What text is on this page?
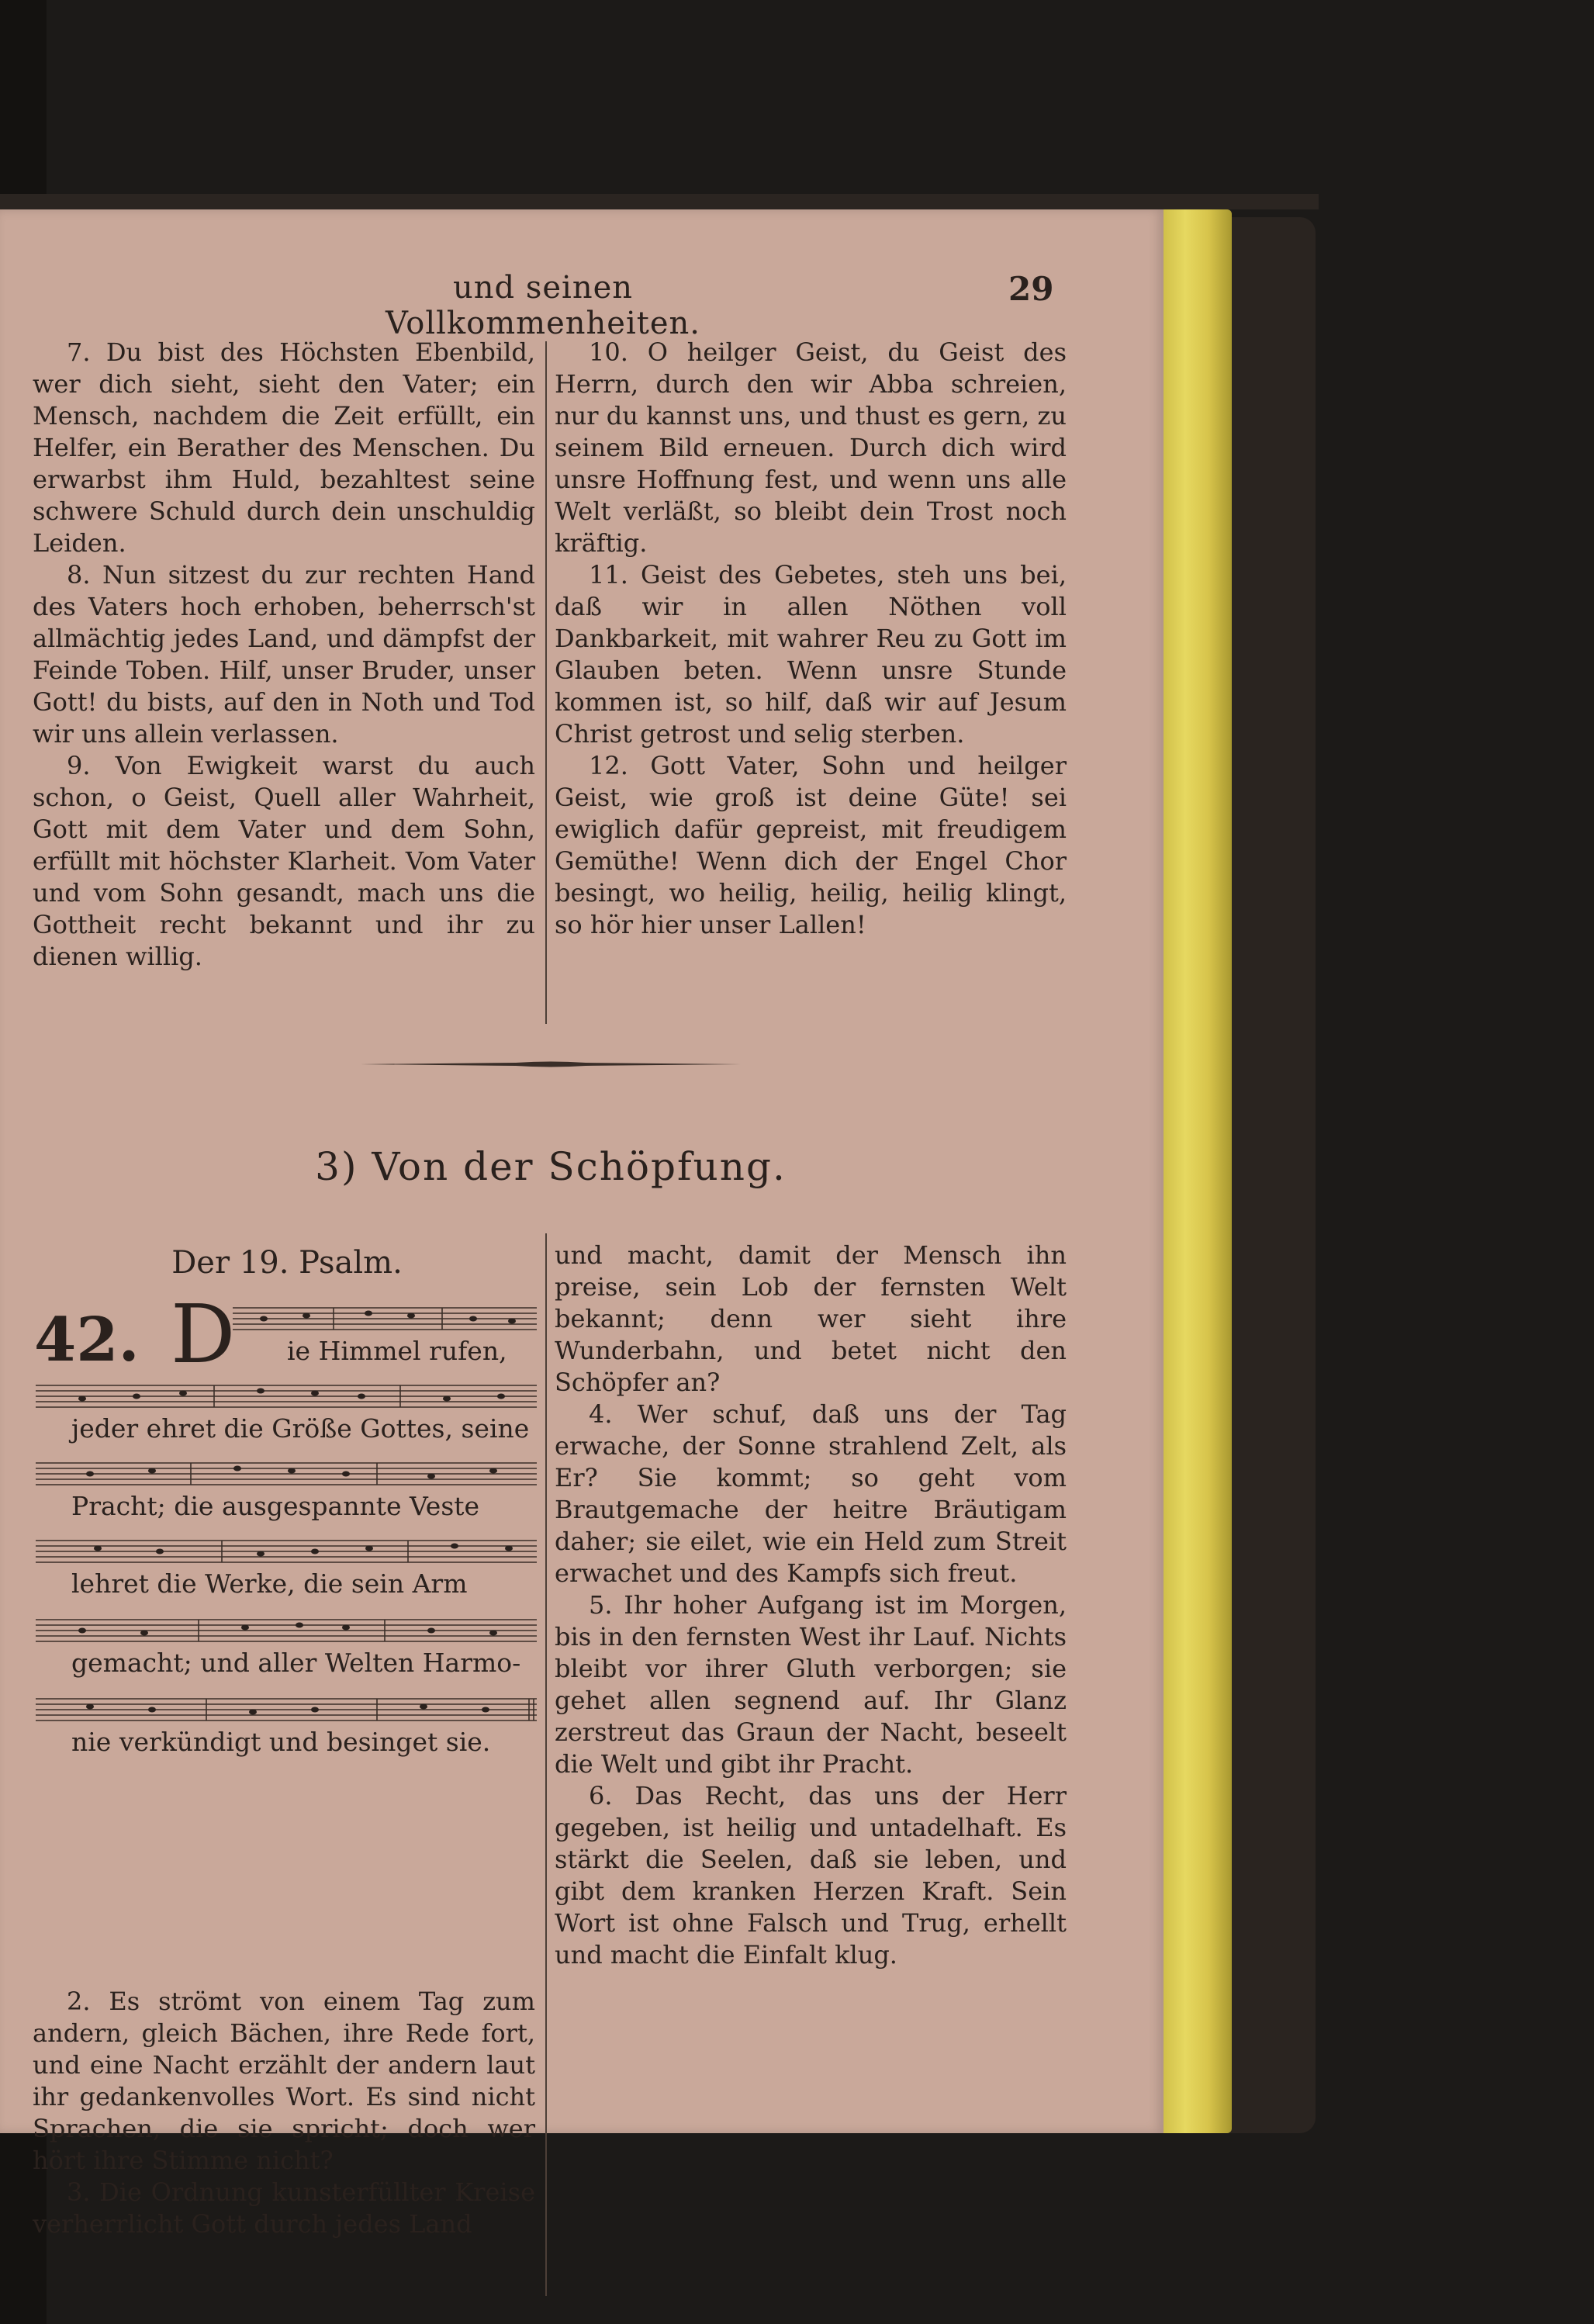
und seinen Vollkommenheiten.
29

7. Du bist des Höchsten Ebenbild, wer dich sieht, sieht den Vater; ein Mensch, nachdem die Zeit erfüllt, ein Helfer, ein Berather des Menschen. Du erwarbst ihm Huld, bezahltest seine schwere Schuld durch dein unschuldig Leiden.

8. Nun sitzest du zur rechten Hand des Vaters hoch erhoben, beherrsch'st allmächtig jedes Land, und dämpfst der Feinde Toben. Hilf, unser Bruder, unser Gott! du bists, auf den in Noth und Tod wir uns allein verlassen.

9. Von Ewigkeit warst du auch schon, o Geist, Quell aller Wahrheit, Gott mit dem Vater und dem Sohn, erfüllt mit höchster Klarheit. Vom Vater und vom Sohn gesandt, mach uns die Gottheit recht bekannt und ihr zu dienen willig.

10. O heilger Geist, du Geist des Herrn, durch den wir Abba schreien, nur du kannst uns, und thust es gern, zu seinem Bild erneuen. Durch dich wird unsre Hoffnung fest, und wenn uns alle Welt verläßt, so bleibt dein Trost noch kräftig.

11. Geist des Gebetes, steh uns bei, daß wir in allen Nöthen voll Dankbarkeit, mit wahrer Reu zu Gott im Glauben beten. Wenn unsre Stunde kommen ist, so hilf, daß wir auf Jesum Christ getrost und selig sterben.

12. Gott Vater, Sohn und heilger Geist, wie groß ist deine Güte! sei ewiglich dafür gepreist, mit freudigem Gemüthe! Wenn dich der Engel Chor besingt, wo heilig, heilig, heilig klingt, so hör hier unser Lallen!

3) Von der Schöpfung.
Der 19. Psalm.
42. D ie Himmel rufen,
jeder ehret die Größe Gottes, seine
Pracht; die ausgespannte Veste
lehret die Werke, die sein Arm
gemacht; und aller Welten Harmo-
nie verkündigt und besinget sie.

2. Es strömt von einem Tag zum andern, gleich Bächen, ihre Rede fort, und eine Nacht erzählt der andern laut ihr gedankenvolles Wort. Es sind nicht Sprachen, die sie spricht; doch wer hört ihre Stimme nicht?

3. Die Ordnung kunsterfüllter Kreise verherrlicht Gott durch jedes Land

und macht, damit der Mensch ihn preise, sein Lob der fernsten Welt bekannt; denn wer sieht ihre Wunderbahn, und betet nicht den Schöpfer an?

4. Wer schuf, daß uns der Tag erwache, der Sonne strahlend Zelt, als Er? Sie kommt; so geht vom Brautgemache der heitre Bräutigam daher; sie eilet, wie ein Held zum Streit erwachet und des Kampfs sich freut.

5. Ihr hoher Aufgang ist im Morgen, bis in den fernsten West ihr Lauf. Nichts bleibt vor ihrer Gluth verborgen; sie gehet allen segnend auf. Ihr Glanz zerstreut das Graun der Nacht, beseelt die Welt und gibt ihr Pracht.

6. Das Recht, das uns der Herr gegeben, ist heilig und untadelhaft. Es stärkt die Seelen, daß sie leben, und gibt dem kranken Herzen Kraft. Sein Wort ist ohne Falsch und Trug, erhellt und macht die Einfalt klug.
